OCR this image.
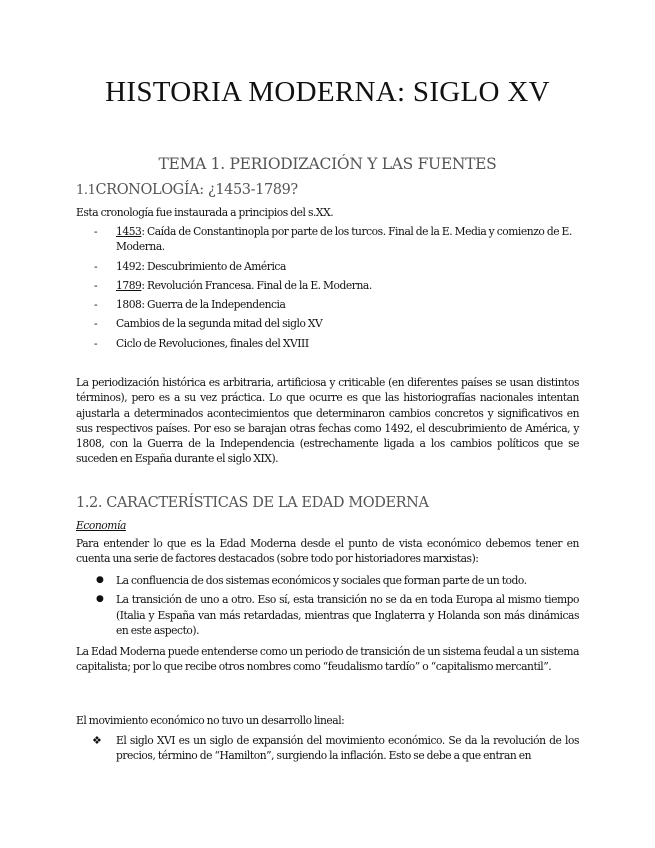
HISTORIA MODERNA: SIGLO XV
TEMA 1. PERIODIZACIÓN Y LAS FUENTES
1.1CRONOLOGÍA: ¿1453-1789?

Esta cronología fue instaurada a principios del s.XX.

- 1453: Caída de Constantinopla por parte de los turcos. Final de la E. Media y comienzo de E. Moderna.
- 1492: Descubrimiento de América
- 1789: Revolución Francesa. Final de la E. Moderna.
- 1808: Guerra de la Independencia
- Cambios de la segunda mitad del siglo XV
- Ciclo de Revoluciones, finales del XVIII

La periodización histórica es arbitraria, artificiosa y criticable (en diferentes países se usan distintos términos), pero es a su vez práctica. Lo que ocurre es que las historiografías nacionales intentan ajustarla a determinados acontecimientos que determinaron cambios concretos y significativos en sus respectivos países. Por eso se barajan otras fechas como 1492, el descubrimiento de América, y 1808, con la Guerra de la Independencia (estrechamente ligada a los cambios políticos que se suceden en España durante el siglo XIX).

1.2. CARACTERÍSTICAS DE LA EDAD MODERNA

Economía

Para entender lo que es la Edad Moderna desde el punto de vista económico debemos tener en cuenta una serie de factores destacados (sobre todo por historiadores marxistas):

● La confluencia de dos sistemas económicos y sociales que forman parte de un todo.
● La transición de uno a otro. Eso sí, esta transición no se da en toda Europa al mismo tiempo (Italia y España van más retardadas, mientras que Inglaterra y Holanda son más dinámicas en este aspecto).

La Edad Moderna puede entenderse como un periodo de transición de un sistema feudal a un sistema capitalista; por lo que recibe otros nombres como “feudalismo tardío” o “capitalismo mercantil”.

El movimiento económico no tuvo un desarrollo lineal:

❖ El siglo XVI es un siglo de expansión del movimiento económico. Se da la revolución de los precios, término de “Hamilton”, surgiendo la inflación. Esto se debe a que entran en
